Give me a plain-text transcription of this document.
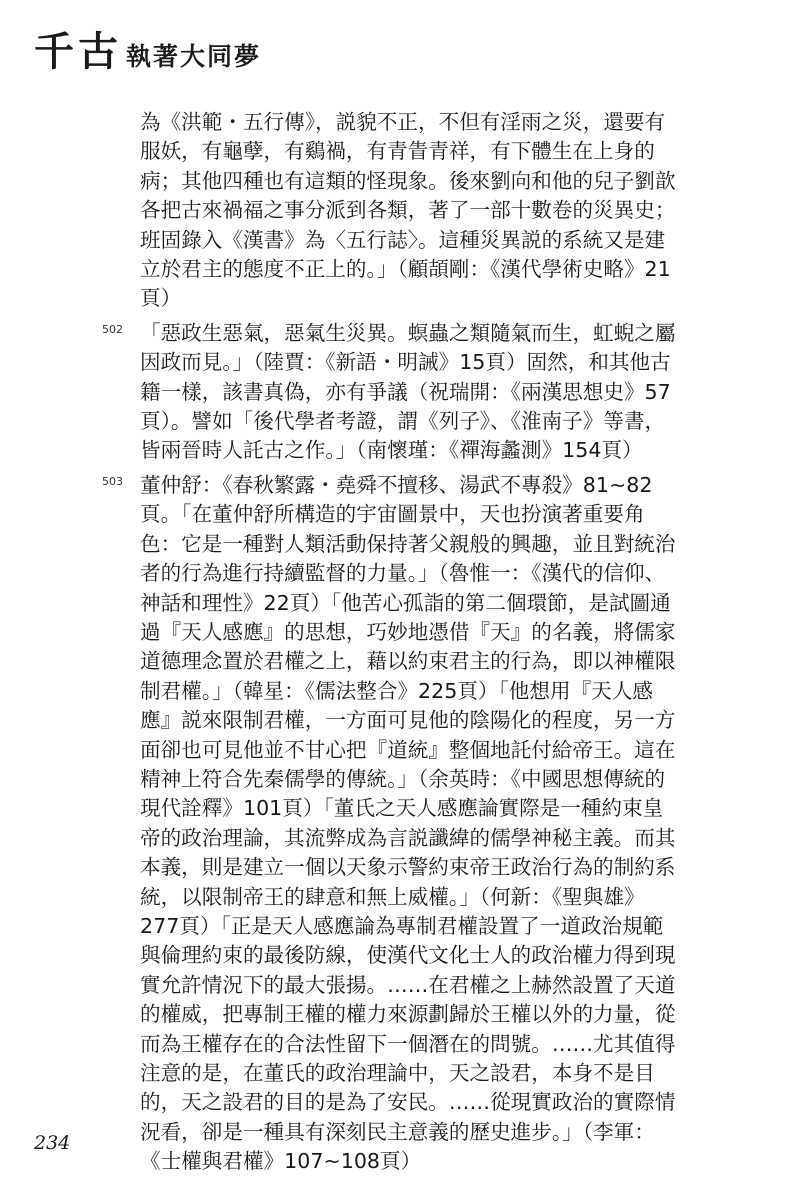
千古 執著大同夢

為《洪範・五行傳》，説貌不正，不但有淫雨之災，還要有服妖，有龜孽，有鷄禍，有青眚青祥，有下體生在上身的病；其他四種也有這類的怪現象。後來劉向和他的兒子劉歆各把古來禍福之事分派到各類，著了一部十數卷的災異史；班固錄入《漢書》為〈五行誌〉。這種災異説的系統又是建立於君主的態度不正上的。」（顧頡剛：《漢代學術史略》21頁）

502 「惡政生惡氣，惡氣生災異。螟蟲之類隨氣而生，虹蜺之屬因政而見。」（陸賈：《新語・明誡》15頁）固然，和其他古籍一樣，該書真偽，亦有爭議（祝瑞開：《兩漢思想史》57頁）。譬如「後代學者考證，謂《列子》、《淮南子》等書，皆兩晉時人託古之作。」（南懷瑾：《禪海蠡測》154頁）

503 董仲舒：《春秋繁露・堯舜不擅移、湯武不專殺》81~82頁。「在董仲舒所構造的宇宙圖景中，天也扮演著重要角色：它是一種對人類活動保持著父親般的興趣，並且對統治者的行為進行持續監督的力量。」（魯惟一：《漢代的信仰、神話和理性》22頁）「他苦心孤詣的第二個環節，是試圖通過『天人感應』的思想，巧妙地憑借『天』的名義，將儒家道德理念置於君權之上，藉以約束君主的行為，即以神權限制君權。」（韓星：《儒法整合》225頁）「他想用『天人感應』説來限制君權，一方面可見他的陰陽化的程度，另一方面卻也可見他並不甘心把『道統』整個地託付給帝王。這在精神上符合先秦儒學的傳統。」（余英時：《中國思想傳統的現代詮釋》101頁）「董氏之天人感應論實際是一種約束皇帝的政治理論，其流弊成為言説讖緯的儒學神秘主義。而其本義，則是建立一個以天象示警約束帝王政治行為的制約系統，以限制帝王的肆意和無上威權。」（何新：《聖與雄》277頁）「正是天人感應論為專制君權設置了一道政治規範與倫理約束的最後防線，使漢代文化士人的政治權力得到現實允許情況下的最大張揚。……在君權之上赫然設置了天道的權威，把專制王權的權力來源劃歸於王權以外的力量，從而為王權存在的合法性留下一個潛在的問號。……尤其值得注意的是，在董氏的政治理論中，天之設君，本身不是目的，天之設君的目的是為了安民。……從現實政治的實際情況看，卻是一種具有深刻民主意義的歷史進步。」（李軍：《士權與君權》107~108頁）

234
